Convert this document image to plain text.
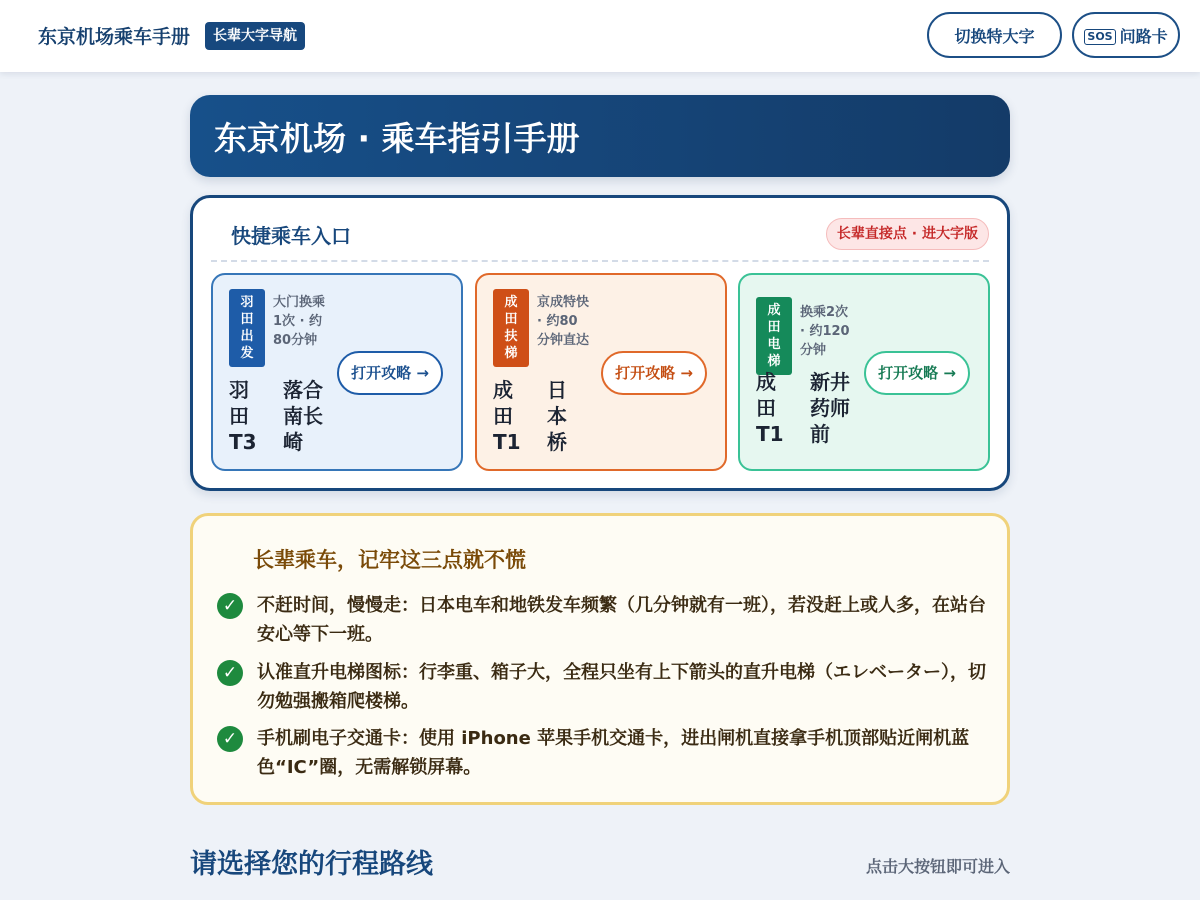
东京机场乘车手册	长辈大字导航	切换特大字	SOS 问路卡
东京机场 · 乘车指引手册
快捷乘车入口	长辈直接点 · 进大字版
羽
田
出
发
大门换乘1次 · 约80分钟
打开攻略 →
羽
田
T3
落合
南长
崎
成
田
扶
梯
京成特快 · 约80分钟直达
打开攻略 →
成
田
T1
日
本
桥
成
田
电
梯
换乘2次 · 约120分钟
打开攻略 →
成
田
T1
新井
药师
前
长辈乘车，记牢这三点就不慌
✓	不赶时间，慢慢走：日本电车和地铁发车频繁（几分钟就有一班），若没赶上或人多，在站台安心等下一班。
✓	认准直升电梯图标：行李重、箱子大，全程只坐有上下箭头的直升电梯（エレベーター），切勿勉强搬箱爬楼梯。
✓	手机刷电子交通卡：使用 iPhone 苹果手机交通卡，进出闸机直接拿手机顶部贴近闸机蓝色“IC”圈，无需解锁屏幕。
请选择您的行程路线	点击大按钮即可进入
